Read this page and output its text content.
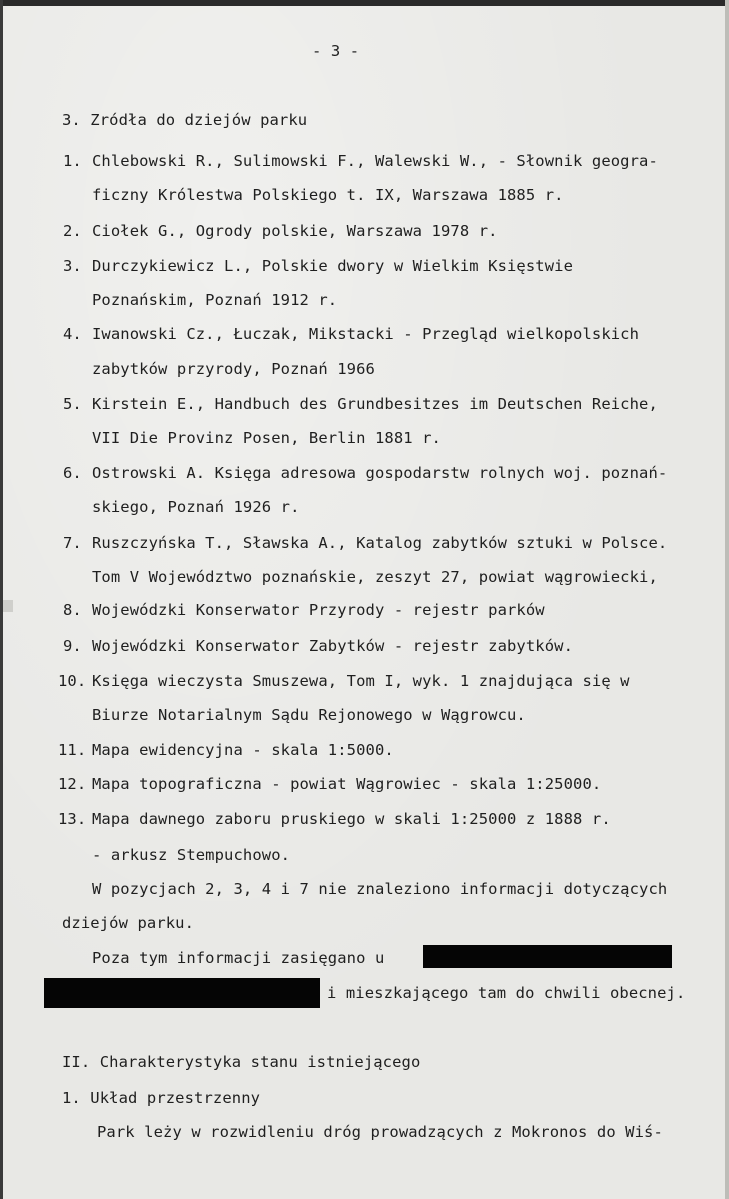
- 3 -
3. Zródła do dziejów parku
1. Chlebowski R., Sulimowski F., Walewski W., - Słownik geogra-
ficzny Królestwa Polskiego t. IX, Warszawa 1885 r.
2. Ciołek G., Ogrody polskie, Warszawa 1978 r.
3. Durczykiewicz L., Polskie dwory w Wielkim Księstwie
Poznańskim, Poznań 1912 r.
4. Iwanowski Cz., Łuczak, Mikstacki - Przegląd wielkopolskich
zabytków przyrody, Poznań 1966
5. Kirstein E., Handbuch des Grundbesitzes im Deutschen Reiche,
VII Die Provinz Posen, Berlin 1881 r.
6. Ostrowski A. Księga adresowa gospodarstw rolnych woj. poznań-
skiego, Poznań 1926 r.
7. Ruszczyńska T., Sławska A., Katalog zabytków sztuki w Polsce.
Tom V Województwo poznańskie, zeszyt 27, powiat wągrowiecki,
8. Wojewódzki Konserwator Przyrody - rejestr parków
9. Wojewódzki Konserwator Zabytków - rejestr zabytków.
10. Księga wieczysta Smuszewa, Tom I, wyk. 1 znajdująca się w
Biurze Notarialnym Sądu Rejonowego w Wągrowcu.
11. Mapa ewidencyjna - skala 1:5000.
12. Mapa topograficzna - powiat Wągrowiec - skala 1:25000.
13. Mapa dawnego zaboru pruskiego w skali 1:25000 z 1888 r.
- arkusz Stempuchowo.
W pozycjach 2, 3, 4 i 7 nie znaleziono informacji dotyczących
dziejów parku.
Poza tym informacji zasięgano u
i mieszkającego tam do chwili obecnej.
II. Charakterystyka stanu istniejącego
1. Układ przestrzenny
Park leży w rozwidleniu dróg prowadzących z Mokronos do Wiś-
